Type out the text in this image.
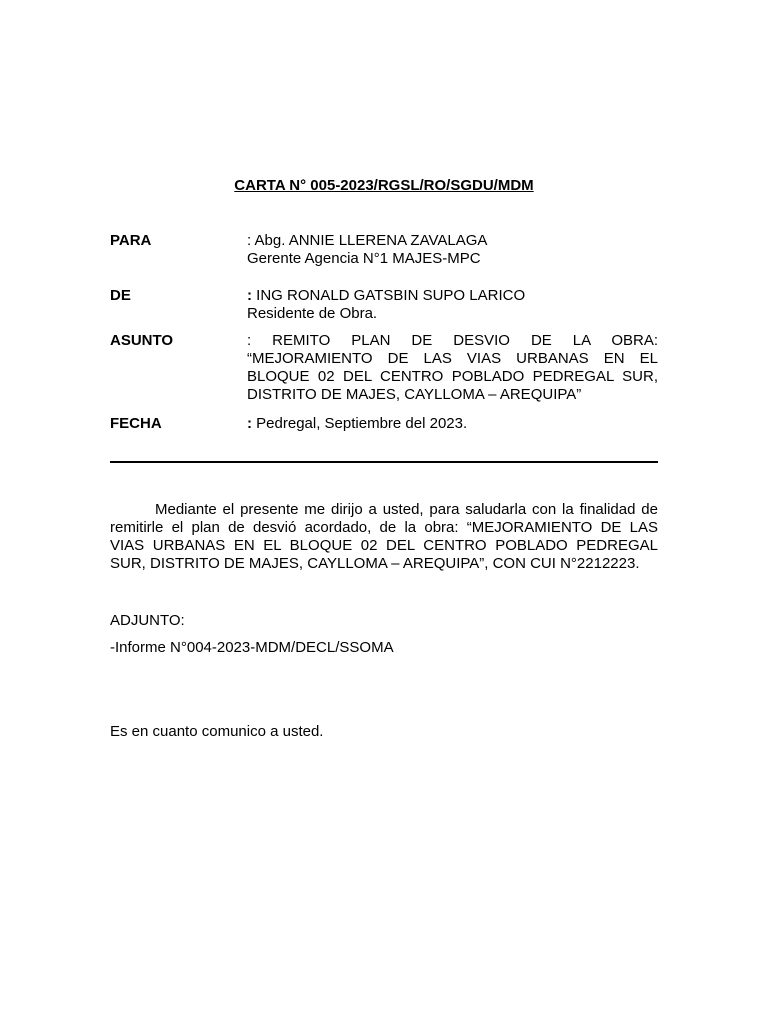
CARTA N° 005-2023/RGSL/RO/SGDU/MDM
PARA	: Abg. ANNIE LLERENA ZAVALAGA
Gerente Agencia N°1 MAJES-MPC
DE	: ING RONALD GATSBIN SUPO LARICO
Residente de Obra.
ASUNTO	: REMITO PLAN DE DESVIO DE LA OBRA:
“MEJORAMIENTO DE LAS VIAS URBANAS EN EL
BLOQUE 02 DEL CENTRO POBLADO PEDREGAL SUR,
DISTRITO DE MAJES, CAYLLOMA – AREQUIPA”
FECHA	: Pedregal, Septiembre del 2023.
Mediante el presente me dirijo a usted, para saludarla con la finalidad de
remitirle el plan de desvió acordado, de la obra: “MEJORAMIENTO DE LAS
VIAS URBANAS EN EL BLOQUE 02 DEL CENTRO POBLADO PEDREGAL
SUR, DISTRITO DE MAJES, CAYLLOMA – AREQUIPA”, CON CUI N°2212223.
ADJUNTO:
-Informe N°004-2023-MDM/DECL/SSOMA
Es en cuanto comunico a usted.
